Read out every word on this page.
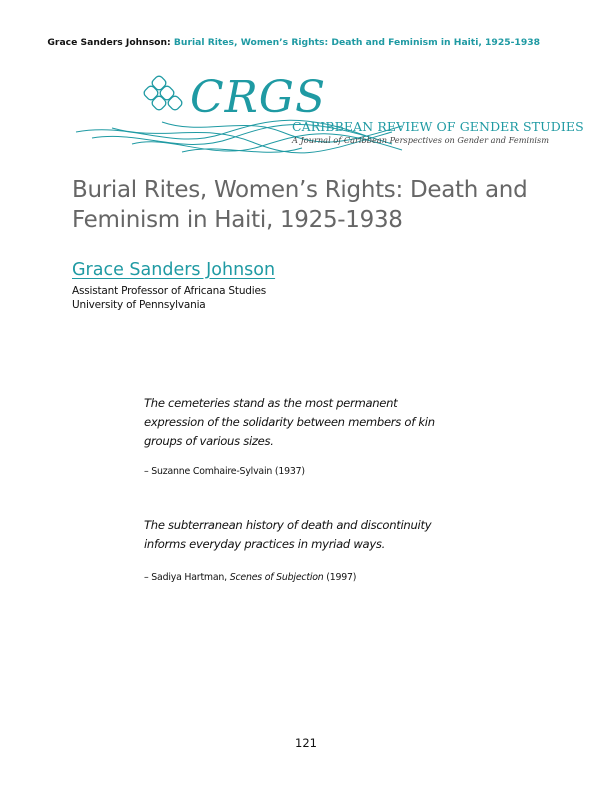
Grace Sanders Johnson: Burial Rites, Women’s Rights: Death and Feminism in Haiti, 1925-1938
CRGS
CARIBBEAN REVIEW OF GENDER STUDIES
A Journal of Caribbean Perspectives on Gender and Feminism
Burial Rites, Women’s Rights: Death and
Feminism in Haiti, 1925-1938
Grace Sanders Johnson
Assistant Professor of Africana Studies
University of Pennsylvania

The cemeteries stand as the most permanent
expression of the solidarity between members of kin
groups of various sizes.

– Suzanne Comhaire-Sylvain (1937)

The subterranean history of death and discontinuity
informs everyday practices in myriad ways.

– Sadiya Hartman, Scenes of Subjection (1997)

121
